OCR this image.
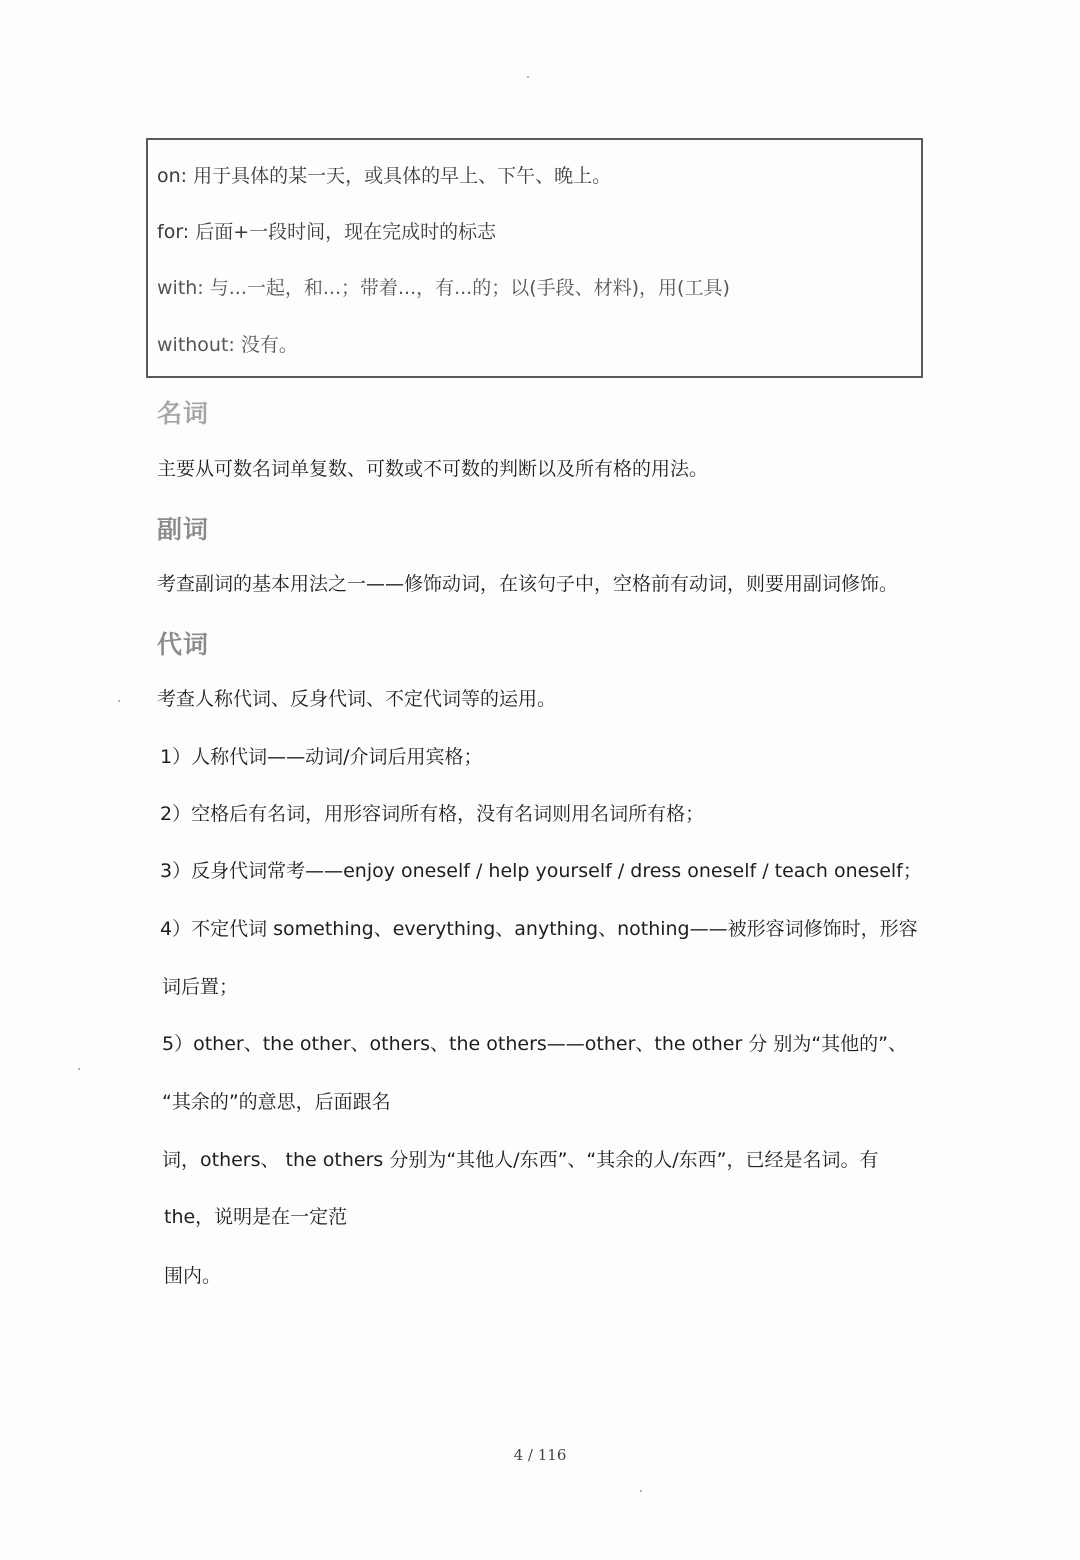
on: 用于具体的某一天，或具体的早上、下午、晚上。
for: 后面+一段时间，现在完成时的标志
with: 与...一起，和...；带着...，有...的；以(手段、材料)，用(工具)
without: 没有。
名词
主要从可数名词单复数、可数或不可数的判断以及所有格的用法。
副词
考查副词的基本用法之一——修饰动词，在该句子中，空格前有动词，则要用副词修饰。
代词
考查人称代词、反身代词、不定代词等的运用。
1）人称代词——动词/介词后用宾格；
2）空格后有名词，用形容词所有格，没有名词则用名词所有格；
3）反身代词常考——enjoy oneself / help yourself / dress oneself / teach oneself；
4）不定代词 something、everything、anything、nothing——被形容词修饰时，形容
词后置；
5）other、the other、others、the others——other、the other 分 别为“其他的”、
“其余的”的意思，后面跟名
词，others、 the others 分别为“其他人/东西”、“其余的人/东西”，已经是名词。有
the，说明是在一定范
围内。
4 / 116
